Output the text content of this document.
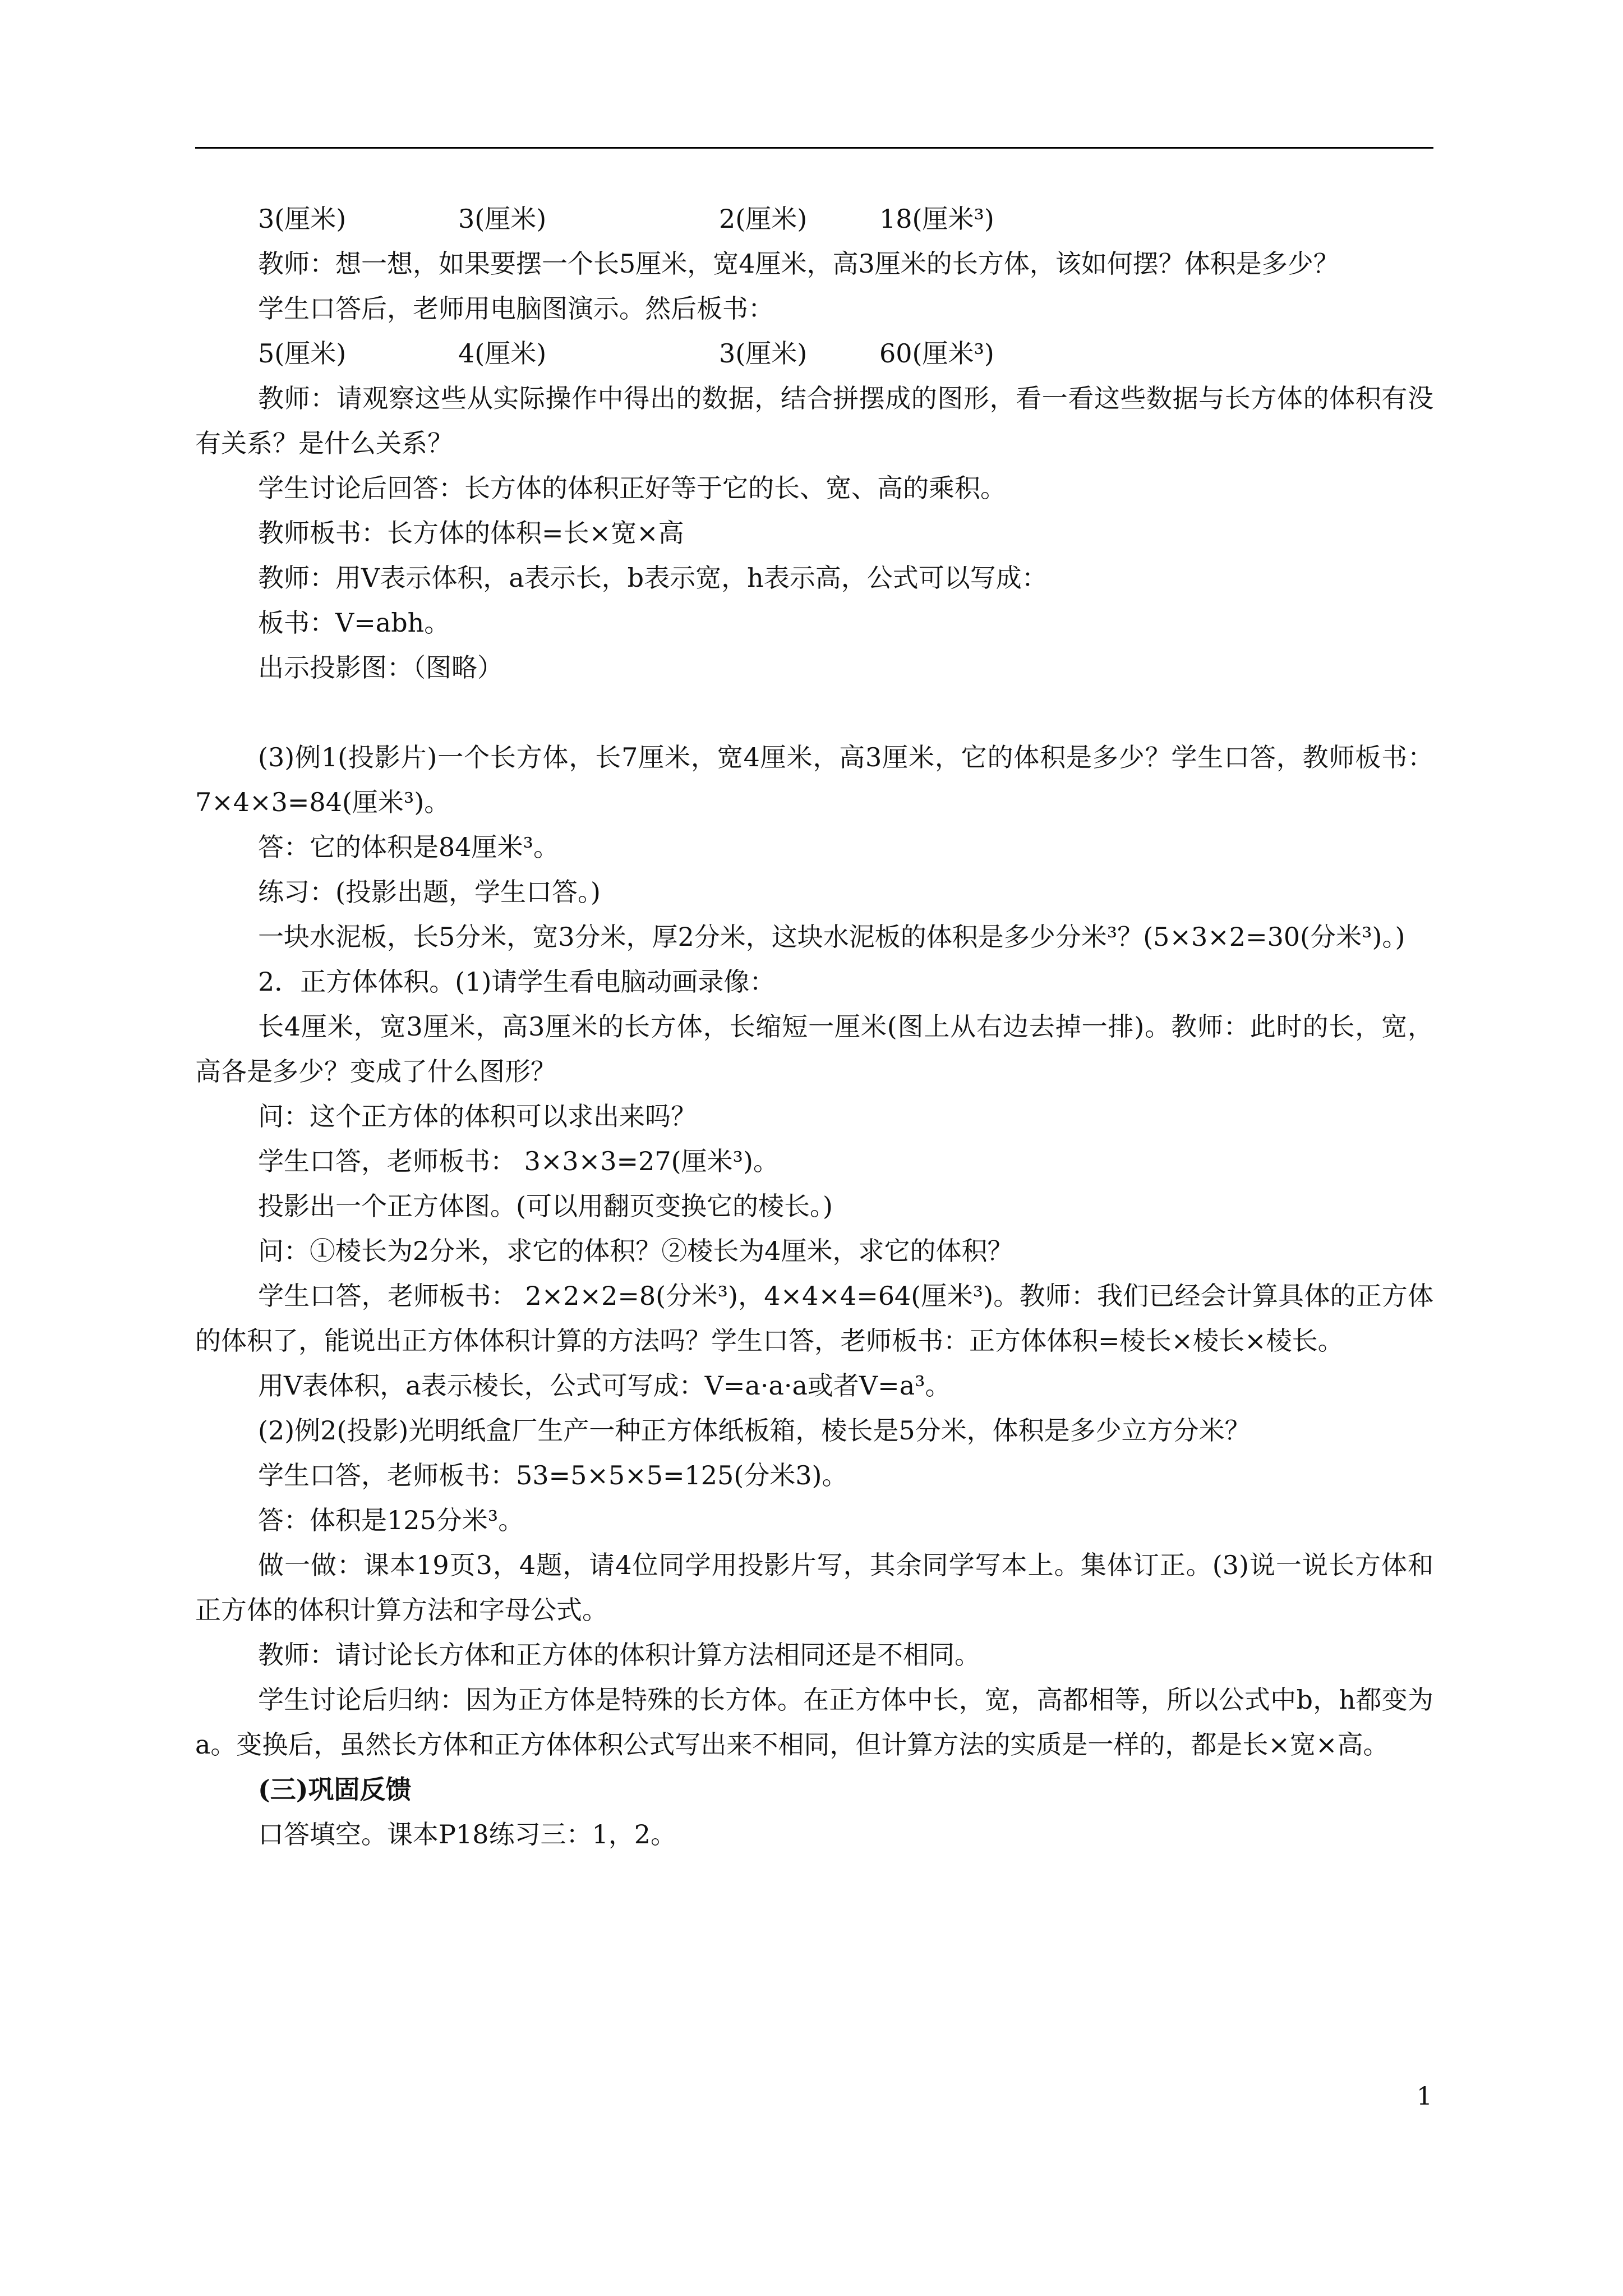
3(厘米)	3(厘米)	2(厘米)	18(厘米³)

教师：想一想，如果要摆一个长5厘米，宽4厘米，高3厘米的长方体，该如何摆？体积是多少？

学生口答后，老师用电脑图演示。然后板书：

5(厘米)	4(厘米)	3(厘米)	60(厘米³)

教师：请观察这些从实际操作中得出的数据，结合拼摆成的图形，看一看这些数据与长方体的体积有没有关系？是什么关系？

学生讨论后回答：长方体的体积正好等于它的长、宽、高的乘积。

教师板书：长方体的体积=长×宽×高

教师：用V表示体积，a表示长，b表示宽，h表示高，公式可以写成：

板书：V=abh。

出示投影图：（图略）

(3)例1(投影片)一个长方体，长7厘米，宽4厘米，高3厘米，它的体积是多少？学生口答，教师板书：7×4×3=84(厘米³)。

答：它的体积是84厘米³。

练习：(投影出题，学生口答。)

一块水泥板，长5分米，宽3分米，厚2分米，这块水泥板的体积是多少分米³？(5×3×2=30(分米³)。)

2．正方体体积。(1)请学生看电脑动画录像：

长4厘米，宽3厘米，高3厘米的长方体，长缩短一厘米(图上从右边去掉一排)。教师：此时的长，宽，高各是多少？变成了什么图形？

问：这个正方体的体积可以求出来吗？

学生口答，老师板书： 3×3×3=27(厘米³)。

投影出一个正方体图。(可以用翻页变换它的棱长。)

问：①棱长为2分米，求它的体积？②棱长为4厘米，求它的体积？

学生口答，老师板书： 2×2×2=8(分米³)，4×4×4=64(厘米³)。教师：我们已经会计算具体的正方体的体积了，能说出正方体体积计算的方法吗？学生口答，老师板书：正方体体积=棱长×棱长×棱长。

用V表体积，a表示棱长，公式可写成：V=a·a·a或者V=a³。

(2)例2(投影)光明纸盒厂生产一种正方体纸板箱，棱长是5分米，体积是多少立方分米？

学生口答，老师板书：53=5×5×5=125(分米3)。

答：体积是125分米³。

做一做：课本19页3，4题，请4位同学用投影片写，其余同学写本上。集体订正。(3)说一说长方体和正方体的体积计算方法和字母公式。

教师：请讨论长方体和正方体的体积计算方法相同还是不相同。

学生讨论后归纳：因为正方体是特殊的长方体。在正方体中长，宽，高都相等，所以公式中b，h都变为a。变换后，虽然长方体和正方体体积公式写出来不相同，但计算方法的实质是一样的，都是长×宽×高。

(三)巩固反馈

口答填空。课本P18练习三：1，2。

1
